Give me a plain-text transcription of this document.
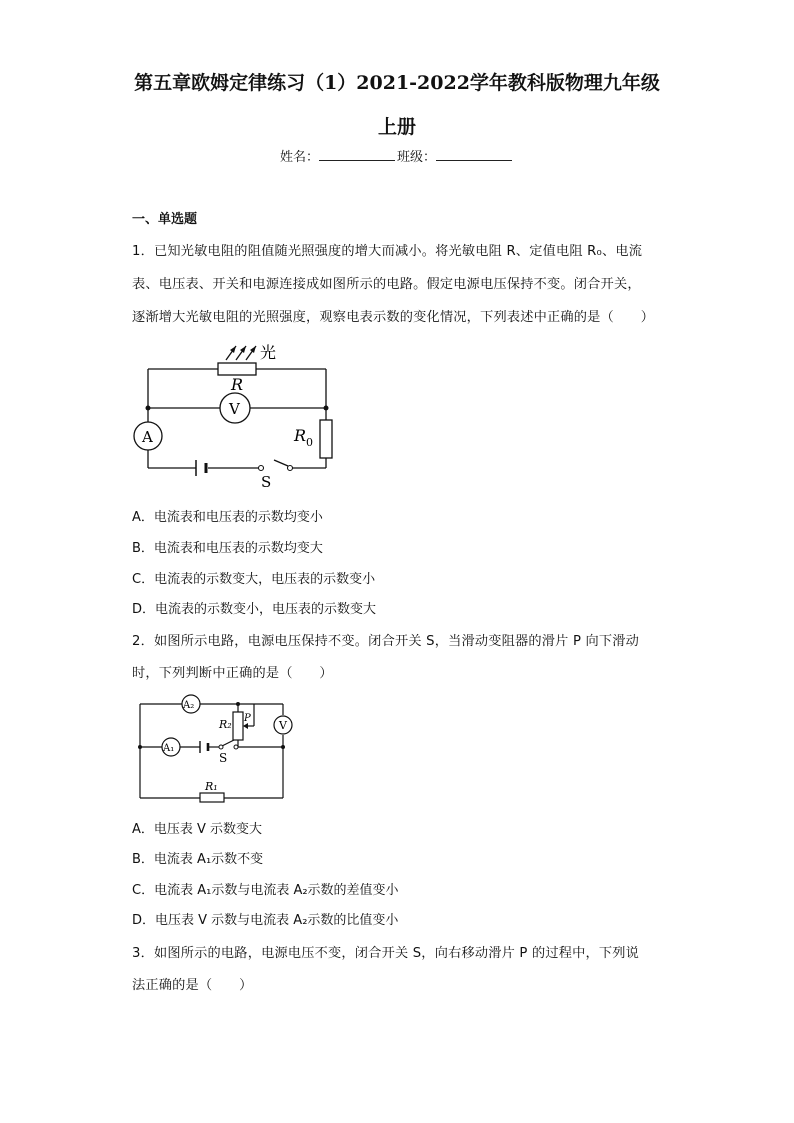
第五章欧姆定律练习（1）2021-2022学年教科版物理九年级
上册
姓名：	班级：
一、单选题
1．已知光敏电阻的阻值随光照强度的增大而减小。将光敏电阻 R、定值电阻 R₀、电流
表、电压表、开关和电源连接成如图所示的电路。假定电源电压保持不变。闭合开关，
逐渐增大光敏电阻的光照强度，观察电表示数的变化情况，下列表述中正确的是（　　）
光
R
V
A	R 0
S
A．电流表和电压表的示数均变小
B．电流表和电压表的示数均变大
C．电流表的示数变大，电压表的示数变小
D．电流表的示数变小，电压表的示数变大
2．如图所示电路，电源电压保持不变。闭合开关 S，当滑动变阻器的滑片 P 向下滑动
时，下列判断中正确的是（　　）
A₂
A₁
R₂ P
V
S
R₁
A．电压表 V 示数变大
B．电流表 A₁示数不变
C．电流表 A₁示数与电流表 A₂示数的差值变小
D．电压表 V 示数与电流表 A₂示数的比值变小
3．如图所示的电路，电源电压不变，闭合开关 S，向右移动滑片 P 的过程中，下列说
法正确的是（　　）
